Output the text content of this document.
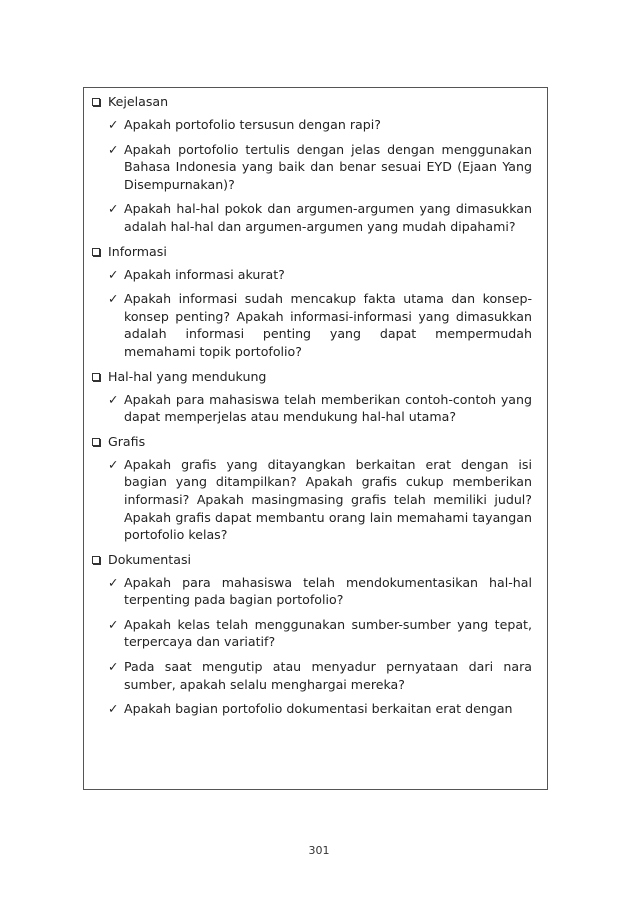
Kejelasan
✓ Apakah portofolio tersusun dengan rapi?
✓ Apakah portofolio tertulis dengan jelas dengan menggunakan Bahasa Indonesia yang baik dan benar sesuai EYD (Ejaan Yang Disempurnakan)?
✓ Apakah hal-hal pokok dan argumen-argumen yang dimasukkan adalah hal-hal dan argumen-argumen yang mudah dipahami?
Informasi
✓ Apakah informasi akurat?
✓ Apakah informasi sudah mencakup fakta utama dan konsep-konsep penting? Apakah informasi-informasi yang dimasukkan adalah informasi penting yang dapat mempermudah memahami topik portofolio?
Hal-hal yang mendukung
✓ Apakah para mahasiswa telah memberikan contoh-contoh yang dapat memperjelas atau mendukung hal-hal utama?
Grafis
✓ Apakah grafis yang ditayangkan berkaitan erat dengan isi bagian yang ditampilkan? Apakah grafis cukup memberikan informasi? Apakah masingmasing grafis telah memiliki judul? Apakah grafis dapat membantu orang lain memahami tayangan portofolio kelas?
Dokumentasi
✓ Apakah para mahasiswa telah mendokumentasikan hal-hal terpenting pada bagian portofolio?
✓ Apakah kelas telah menggunakan sumber-sumber yang tepat, terpercaya dan variatif?
✓ Pada saat mengutip atau menyadur pernyataan dari nara sumber, apakah selalu menghargai mereka?
✓ Apakah bagian portofolio dokumentasi berkaitan erat dengan
301
